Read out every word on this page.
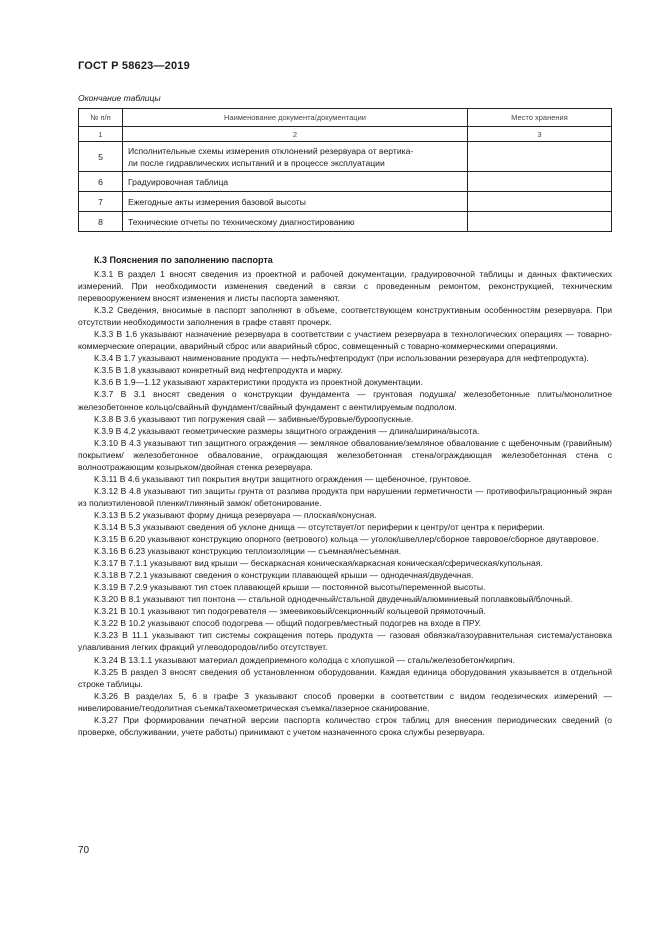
ГОСТ Р 58623—2019
Окончание таблицы
№ п/п	Наименование документа/документации	Место хранения
1	2	3
5	Исполнительные схемы измерения отклонений резервуара от вертика-
ли после гидравлических испытаний и в процессе эксплуатации	
6	Градуировочная таблица	
7	Ежегодные акты измерения базовой высоты	
8	Технические отчеты по техническому диагностированию	
К.3 Пояснения по заполнению паспорта

К.3.1 В раздел 1 вносят сведения из проектной и рабочей документации, градуировочной таблицы и данных фактических измерений. При необходимости изменения сведений в связи с проведенным ремонтом, реконструкцией, техническим перевооружением вносят изменения и листы паспорта заменяют.

К.3.2 Сведения, вносимые в паспорт заполняют в объеме, соответствующем конструктивным особенностям резервуара. При отсутствии необходимости заполнения в графе ставят прочерк.

К.3.3 В 1.6 указывают назначение резервуара в соответствии с участием резервуара в технологических операциях — товарно-коммерческие операции, аварийный сброс или аварийный сброс, совмещенный с товарно-коммерческими операциями.

К.3.4 В 1.7 указывают наименование продукта — нефть/нефтепродукт (при использовании резервуара для нефтепродукта).

К.3.5 В 1.8 указывают конкретный вид нефтепродукта и марку.

К.3.6 В 1.9—1.12 указывают характеристики продукта из проектной документации.

К.3.7 В 3.1 вносят сведения о конструкции фундамента — грунтовая подушка/ железобетонные плиты/монолитное железобетонное кольцо/свайный фундамент/свайный фундамент с вентилируемым подполом.

К.3.8 В 3.6 указывают тип погружения свай — забивные/буровые/буроопускные.

К.3.9 В 4.2 указывают геометрические размеры защитного ограждения — длина/ширина/высота.

К.3.10 В 4.3 указывают тип защитного ограждения — земляное обвалование/земляное обвалование с щебеночным (гравийным) покрытием/ железобетонное обвалование, ограждающая железобетонная стена/ограждающая железобетонная стена с волноотражающим козырьком/двойная стенка резервуара.

К.3.11 В 4.6 указывают тип покрытия внутри защитного ограждения — щебеночное, грунтовое.

К.3.12 В 4.8 указывают тип защиты грунта от разлива продукта при нарушении герметичности — противофильтрационный экран из полиэтиленовой пленки/глиняный замок/ обетонирование.

К.3.13 В 5.2 указывают форму днища резервуара — плоская/конусная.

К.3.14 В 5.3 указывают сведения об уклоне днища — отсутствует/от периферии к центру/от центра к периферии.

К.3.15 В 6.20 указывают конструкцию опорного (ветрового) кольца — уголок/швеллер/сборное тавровое/сборное двутавровое.

К.3.16 В 6.23 указывают конструкцию теплоизоляции — съемная/несъемная.

К.3.17 В 7.1.1 указывают вид крыши — бескаркасная коническая/каркасная коническая/сферическая/купольная.

К.3.18 В 7.2.1 указывают сведения о конструкции плавающей крыши — однодечная/двудечная.

К.3.19 В 7.2.9 указывают тип стоек плавающей крыши — постоянной высоты/переменной высоты.

К.3.20 В 8.1 указывают тип понтона — стальной однодечный/стальной двудечный/алюминиевый поплавковый/блочный.

К.3.21 В 10.1 указывают тип подогревателя — змеевиковый/секционный/ кольцевой прямоточный.

К.3.22 В 10.2 указывают способ подогрева — общий подогрев/местный подогрев на входе в ПРУ.

К.3.23 В 11.1 указывают тип системы сокращения потерь продукта — газовая обвязка/газоуравнительная система/установка улавливания легких фракций углеводородов/либо отсутствует.

К.3.24 В 13.1.1 указывают материал дождеприемного колодца с хлопушкой — сталь/железобетон/кирпич.

К.3.25 В раздел 3 вносят сведения об установленном оборудовании. Каждая единица оборудования указывается в отдельной строке таблицы.

К.3.26 В разделах 5, 6 в графе 3 указывают способ проверки в соответствии с видом геодезических измерений — нивелирование/теодолитная съемка/тахеометрическая съемка/лазерное сканирование.

К.3.27 При формировании печатной версии паспорта количество строк таблиц для внесения периодических сведений (о проверке, обслуживании, учете работы) принимают с учетом назначенного срока службы резервуара.

70
